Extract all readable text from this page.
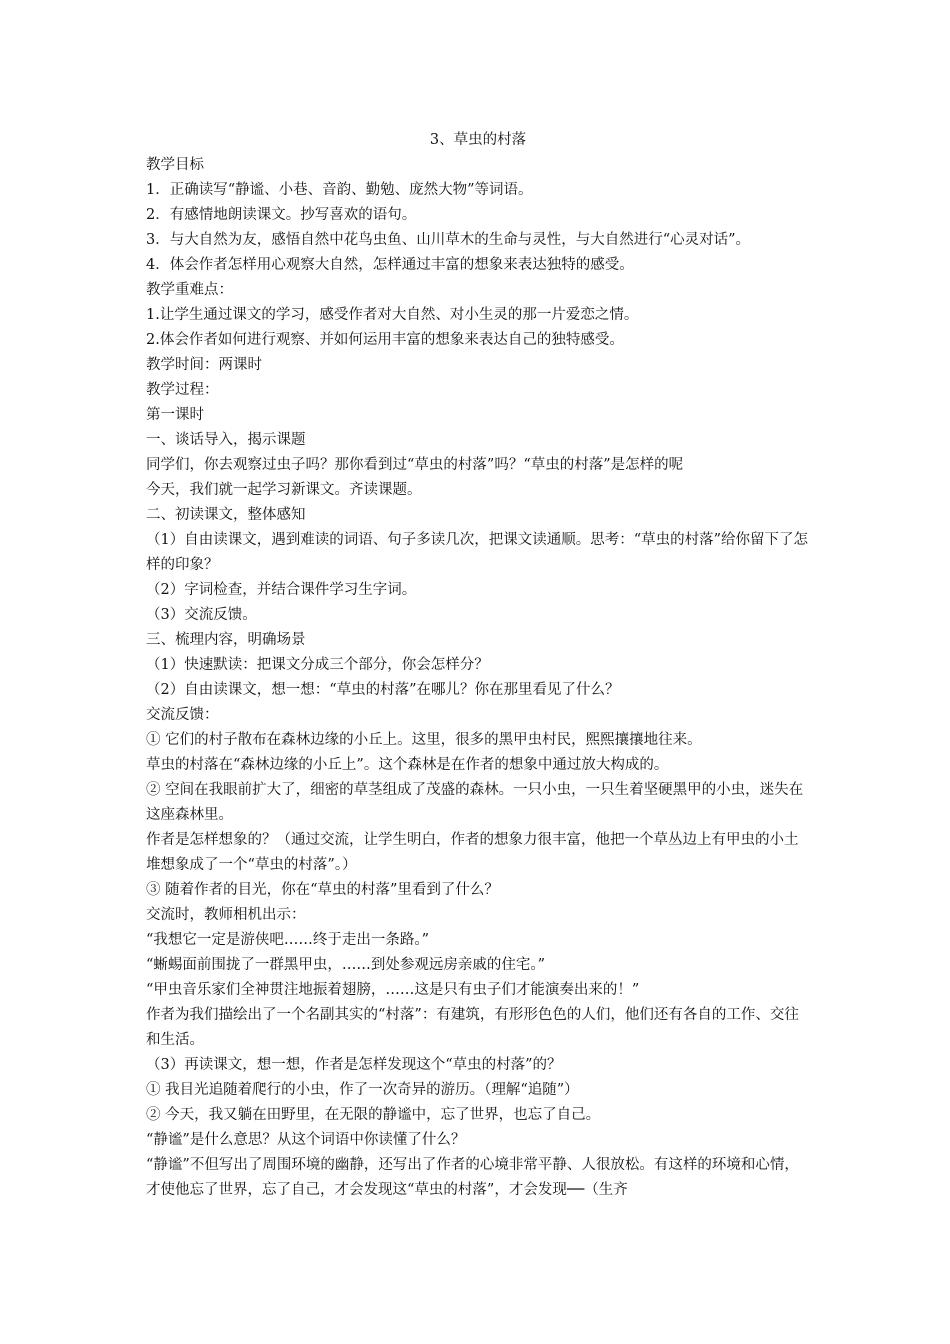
3、草虫的村落
教学目标
1．正确读写“静谧、小巷、音韵、勤勉、庞然大物”等词语。
2．有感情地朗读课文。抄写喜欢的语句。
3．与大自然为友，感悟自然中花鸟虫鱼、山川草木的生命与灵性，与大自然进行“心灵对话”。
4．体会作者怎样用心观察大自然，怎样通过丰富的想象来表达独特的感受。
教学重难点：
1.让学生通过课文的学习，感受作者对大自然、对小生灵的那一片爱恋之情。
2.体会作者如何进行观察、并如何运用丰富的想象来表达自己的独特感受。
教学时间：两课时
教学过程：
第一课时
一、谈话导入，揭示课题
同学们，你去观察过虫子吗？那你看到过“草虫的村落”吗？“草虫的村落”是怎样的呢
今天，我们就一起学习新课文。齐读课题。
二、初读课文，整体感知
（1）自由读课文，遇到难读的词语、句子多读几次，把课文读通顺。思考：“草虫的村落”给你留下了怎样的印象？
（2）字词检查，并结合课件学习生字词。
（3）交流反馈。
三、梳理内容，明确场景
（1）快速默读：把课文分成三个部分，你会怎样分？
（2）自由读课文，想一想：“草虫的村落”在哪儿？你在那里看见了什么？
交流反馈：
① 它们的村子散布在森林边缘的小丘上。这里，很多的黑甲虫村民，熙熙攘攘地往来。
草虫的村落在“森林边缘的小丘上”。这个森林是在作者的想象中通过放大构成的。
② 空间在我眼前扩大了，细密的草茎组成了茂盛的森林。一只小虫，一只生着坚硬黑甲的小虫，迷失在这座森林里。
作者是怎样想象的？（通过交流，让学生明白，作者的想象力很丰富，他把一个草丛边上有甲虫的小土堆想象成了一个“草虫的村落”。）
③ 随着作者的目光，你在“草虫的村落”里看到了什么？
交流时，教师相机出示：
“我想它一定是游侠吧……终于走出一条路。”
“蜥蜴面前围拢了一群黑甲虫，……到处参观远房亲戚的住宅。”
“甲虫音乐家们全神贯注地振着翅膀，……这是只有虫子们才能演奏出来的！”
作者为我们描绘出了一个名副其实的“村落”：有建筑，有形形色色的人们，他们还有各自的工作、交往和生活。
（3）再读课文，想一想，作者是怎样发现这个“草虫的村落”的？
① 我目光追随着爬行的小虫，作了一次奇异的游历。（理解“追随”）
② 今天，我又躺在田野里，在无限的静谧中，忘了世界，也忘了自己。
“静谧”是什么意思？从这个词语中你读懂了什么？
“静谧”不但写出了周围环境的幽静，还写出了作者的心境非常平静、人很放松。有这样的环境和心情，才使他忘了世界，忘了自己，才会发现这“草虫的村落”，才会发现──（生齐
